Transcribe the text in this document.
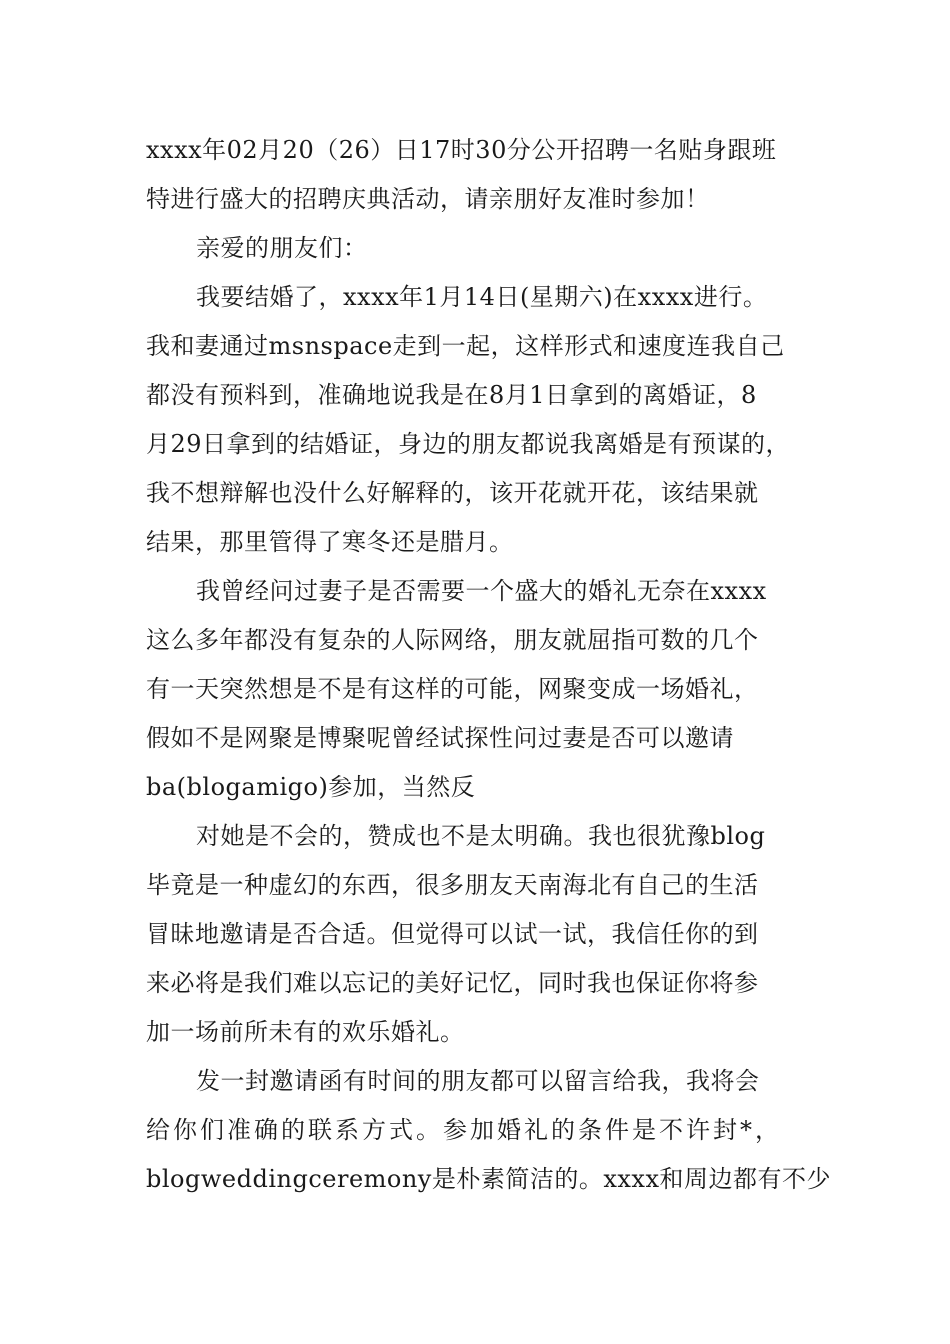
xxxx年02月20（26）日17时30分公开招聘一名贴身跟班
特进行盛大的招聘庆典活动，请亲朋好友准时参加！
亲爱的朋友们：
我要结婚了，xxxx年1月14日(星期六)在xxxx进行。
我和妻通过msnspace走到一起，这样形式和速度连我自己
都没有预料到，准确地说我是在8月1日拿到的离婚证，8
月29日拿到的结婚证，身边的朋友都说我离婚是有预谋的，
我不想辩解也没什么好解释的，该开花就开花，该结果就
结果，那里管得了寒冬还是腊月。
我曾经问过妻子是否需要一个盛大的婚礼无奈在xxxx
这么多年都没有复杂的人际网络，朋友就屈指可数的几个
有一天突然想是不是有这样的可能，网聚变成一场婚礼，
假如不是网聚是博聚呢曾经试探性问过妻是否可以邀请
ba(blogamigo)参加，当然反
对她是不会的，赞成也不是太明确。我也很犹豫blog
毕竟是一种虚幻的东西，很多朋友天南海北有自己的生活
冒昧地邀请是否合适。但觉得可以试一试，我信任你的到
来必将是我们难以忘记的美好记忆，同时我也保证你将参
加一场前所未有的欢乐婚礼。
发一封邀请函有时间的朋友都可以留言给我，我将会
给你们准确的联系方式。参加婚礼的条件是不许封*，
blogweddingceremony是朴素简洁的。xxxx和周边都有不少
